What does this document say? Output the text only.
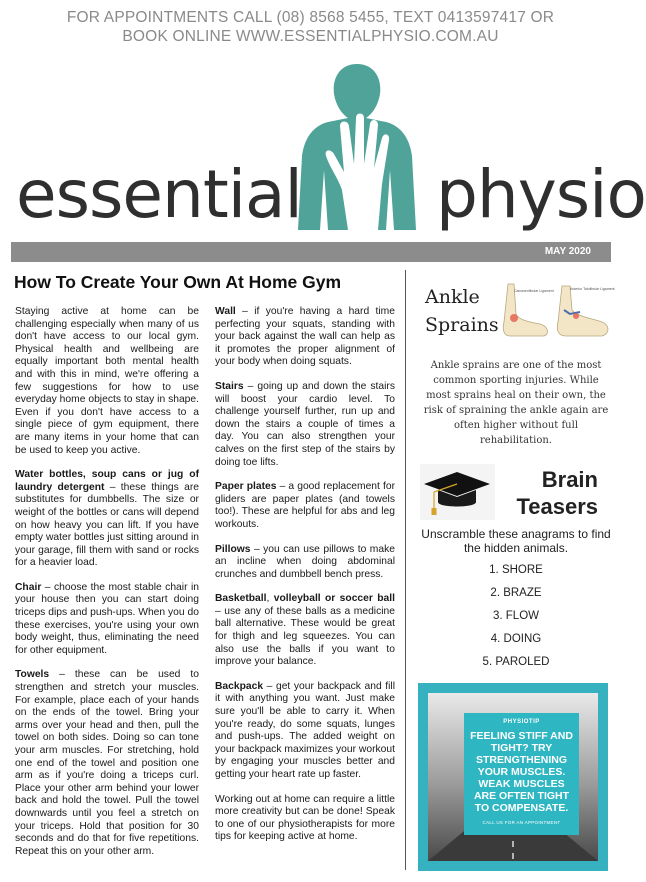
FOR APPOINTMENTS CALL (08) 8568 5455, TEXT 0413597417 OR
BOOK ONLINE WWW.ESSENTIALPHYSIO.COM.AU
essential physio
MAY 2020
How To Create Your Own At Home Gym

Staying active at home can be challenging especially when many of us don't have access to our local gym. Physical health and wellbeing are equally important both mental health and with this in mind, we're offering a few suggestions for how to use everyday home objects to stay in shape. Even if you don't have access to a single piece of gym equipment, there are many items in your home that can be used to keep you active.

Water bottles, soup cans or jug of laundry detergent – these things are substitutes for dumbbells. The size or weight of the bottles or cans will depend on how heavy you can lift. If you have empty water bottles just sitting around in your garage, fill them with sand or rocks for a heavier load.

Chair – choose the most stable chair in your house then you can start doing triceps dips and push-ups. When you do these exercises, you're using your own body weight, thus, eliminating the need for other equipment.

Towels – these can be used to strengthen and stretch your muscles. For example, place each of your hands on the ends of the towel. Bring your arms over your head and then, pull the towel on both sides. Doing so can tone your arm muscles. For stretching, hold one end of the towel and position one arm as if you're doing a triceps curl. Place your other arm behind your lower back and hold the towel. Pull the towel downwards until you feel a stretch on your triceps. Hold that position for 30 seconds and do that for five repetitions. Repeat this on your other arm.

Wall – if you're having a hard time perfecting your squats, standing with your back against the wall can help as it promotes the proper alignment of your body when doing squats.

Stairs – going up and down the stairs will boost your cardio level. To challenge yourself further, run up and down the stairs a couple of times a day. You can also strengthen your calves on the first step of the stairs by doing toe lifts.

Paper plates – a good replacement for gliders are paper plates (and towels too!). These are helpful for abs and leg workouts.

Pillows – you can use pillows to make an incline when doing abdominal crunches and dumbbell bench press.

Basketball, volleyball or soccer ball – use any of these balls as a medicine ball alternative. These would be great for thigh and leg squeezes. You can also use the balls if you want to improve your balance.

Backpack – get your backpack and fill it with anything you want. Just make sure you'll be able to carry it. When you're ready, do some squats, lunges and push-ups. The added weight on your backpack maximizes your workout by engaging your muscles better and getting your heart rate up faster.

Working out at home can require a little more creativity but can be done! Speak to one of our physiotherapists for more tips for keeping active at home.

Ankle
Sprains
Calcaneofibular Ligament	Anterior Talofibular Ligament
Ankle sprains are one of the most common sporting injuries. While most sprains heal on their own, the risk of spraining the ankle again are often higher without full rehabilitation.
Brain
Teasers
Unscramble these anagrams to find the hidden animals.
1. SHORE
2. BRAZE
3. FLOW
4. DOING
5. PAROLED
PHYSIOTIP
FEELING STIFF AND TIGHT? TRY STRENGTHENING YOUR MUSCLES. WEAK MUSCLES ARE OFTEN TIGHT TO COMPENSATE.
CALL US FOR AN APPOINTMENT
